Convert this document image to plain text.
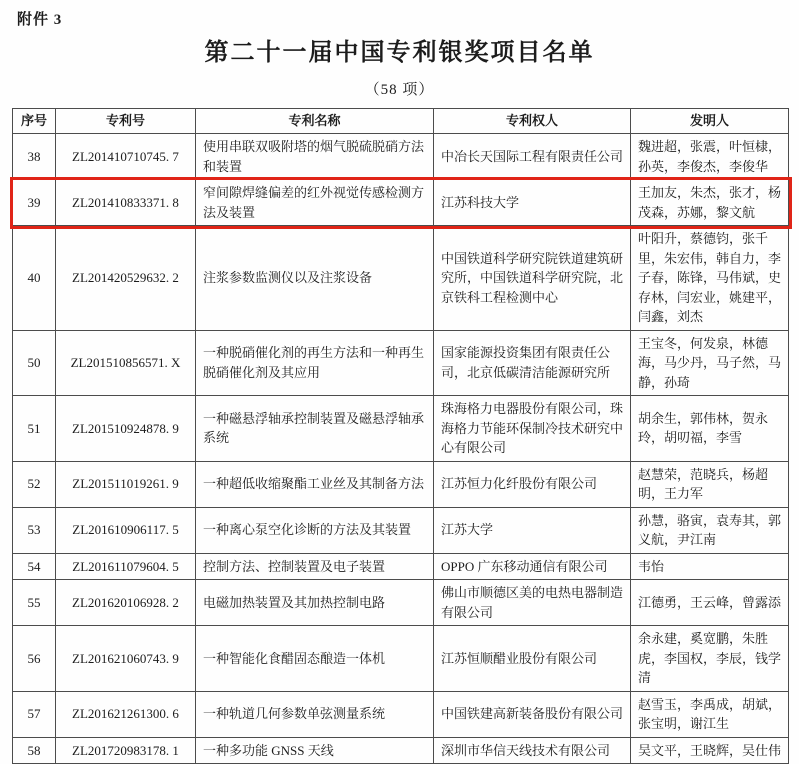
附件 3
第二十一届中国专利银奖项目名单
（58 项）
序号	专利号	专利名称	专利权人	发明人
38	ZL201410710745. 7	使用串联双吸附塔的烟气脱硫脱硝方法和装置	中冶长天国际工程有限责任公司	魏进超，张震，叶恒棣，孙英，李俊杰，李俊华
39	ZL201410833371. 8	窄间隙焊缝偏差的红外视觉传感检测方法及装置	江苏科技大学	王加友，朱杰，张才，杨茂森，苏娜，黎文航
40	ZL201420529632. 2	注浆参数监测仪以及注浆设备	中国铁道科学研究院铁道建筑研究所，中国铁道科学研究院，北京铁科工程检测中心	叶阳升，蔡德钧，张千里，朱宏伟，韩自力，李子春，陈锋，马伟斌，史存林，闫宏业，姚建平，闫鑫，刘杰
50	ZL201510856571. X	一种脱硝催化剂的再生方法和一种再生脱硝催化剂及其应用	国家能源投资集团有限责任公司，北京低碳清洁能源研究所	王宝冬，何发泉，林德海，马少丹，马子然，马静，孙琦
51	ZL201510924878. 9	一种磁悬浮轴承控制装置及磁悬浮轴承系统	珠海格力电器股份有限公司，珠海格力节能环保制冷技术研究中心有限公司	胡余生，郭伟林，贺永玲，胡叨福，李雪
52	ZL201511019261. 9	一种超低收缩聚酯工业丝及其制备方法	江苏恒力化纤股份有限公司	赵慧荣，范晓兵，杨超明，王力军
53	ZL201610906117. 5	一种离心泵空化诊断的方法及其装置	江苏大学	孙慧，骆寅，袁寿其，郭义航，尹江南
54	ZL201611079604. 5	控制方法、控制装置及电子装置	OPPO 广东移动通信有限公司	韦怡
55	ZL201620106928. 2	电磁加热装置及其加热控制电路	佛山市顺德区美的电热电器制造有限公司	江德勇，王云峰，曾露添
56	ZL201621060743. 9	一种智能化食醋固态酿造一体机	江苏恒顺醋业股份有限公司	余永建，奚宽鹏，朱胜虎，李国权，李辰，钱学清
57	ZL201621261300. 6	一种轨道几何参数单弦测量系统	中国铁建高新装备股份有限公司	赵雪玉，李禹成，胡斌，张宝明，谢江生
58	ZL201720983178. 1	一种多功能 GNSS 天线	深圳市华信天线技术有限公司	吴文平，王晓辉，吴仕伟
